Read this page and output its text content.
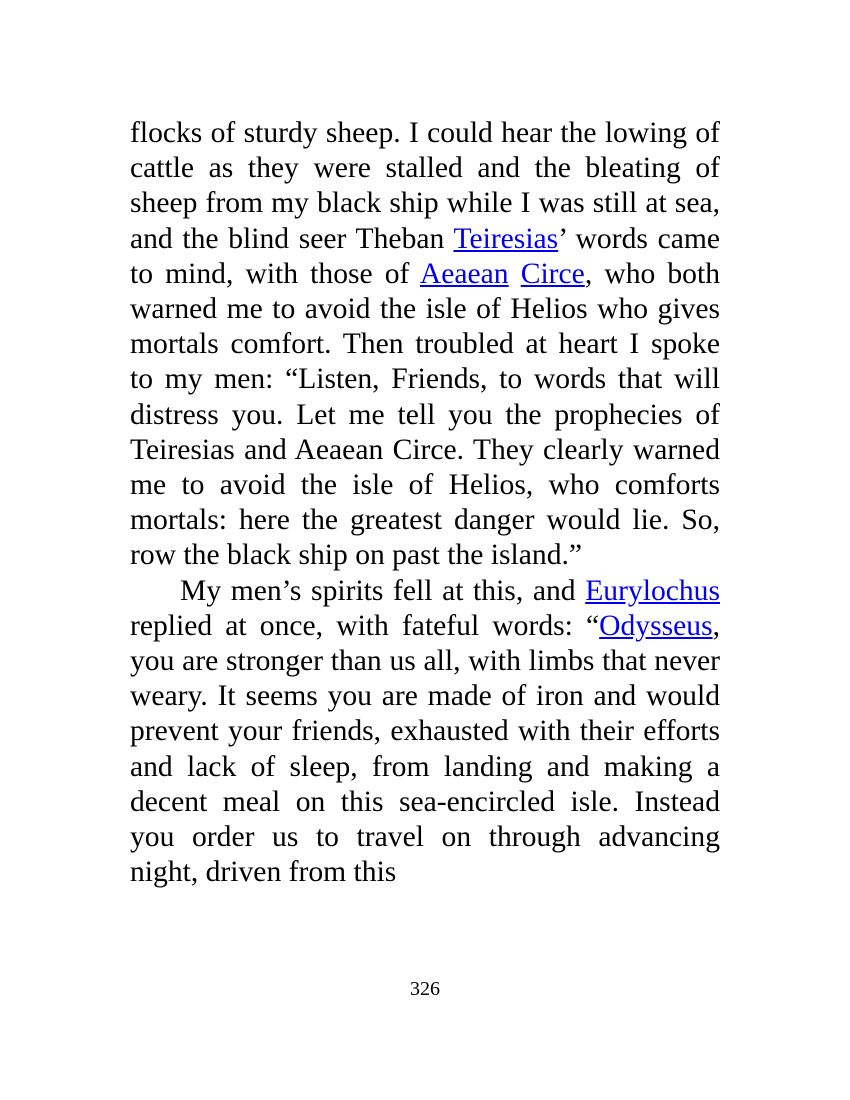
flocks of sturdy sheep. I could hear the lowing of cattle as they were stalled and the bleating of sheep from my black ship while I was still at sea, and the blind seer Theban Teiresias’ words came to mind, with those of Aeaean Circe, who both warned me to avoid the isle of Helios who gives mortals comfort. Then troubled at heart I spoke to my men: “Listen, Friends, to words that will distress you. Let me tell you the prophecies of Teiresias and Aeaean Circe. They clearly warned me to avoid the isle of Helios, who comforts mortals: here the greatest danger would lie. So, row the black ship on past the island.”

My men’s spirits fell at this, and Eurylochus replied at once, with fateful words: “Odysseus, you are stronger than us all, with limbs that never weary. It seems you are made of iron and would prevent your friends, exhausted with their efforts and lack of sleep, from landing and making a decent meal on this sea-encircled isle. Instead you order us to travel on through advancing night, driven from this

326
